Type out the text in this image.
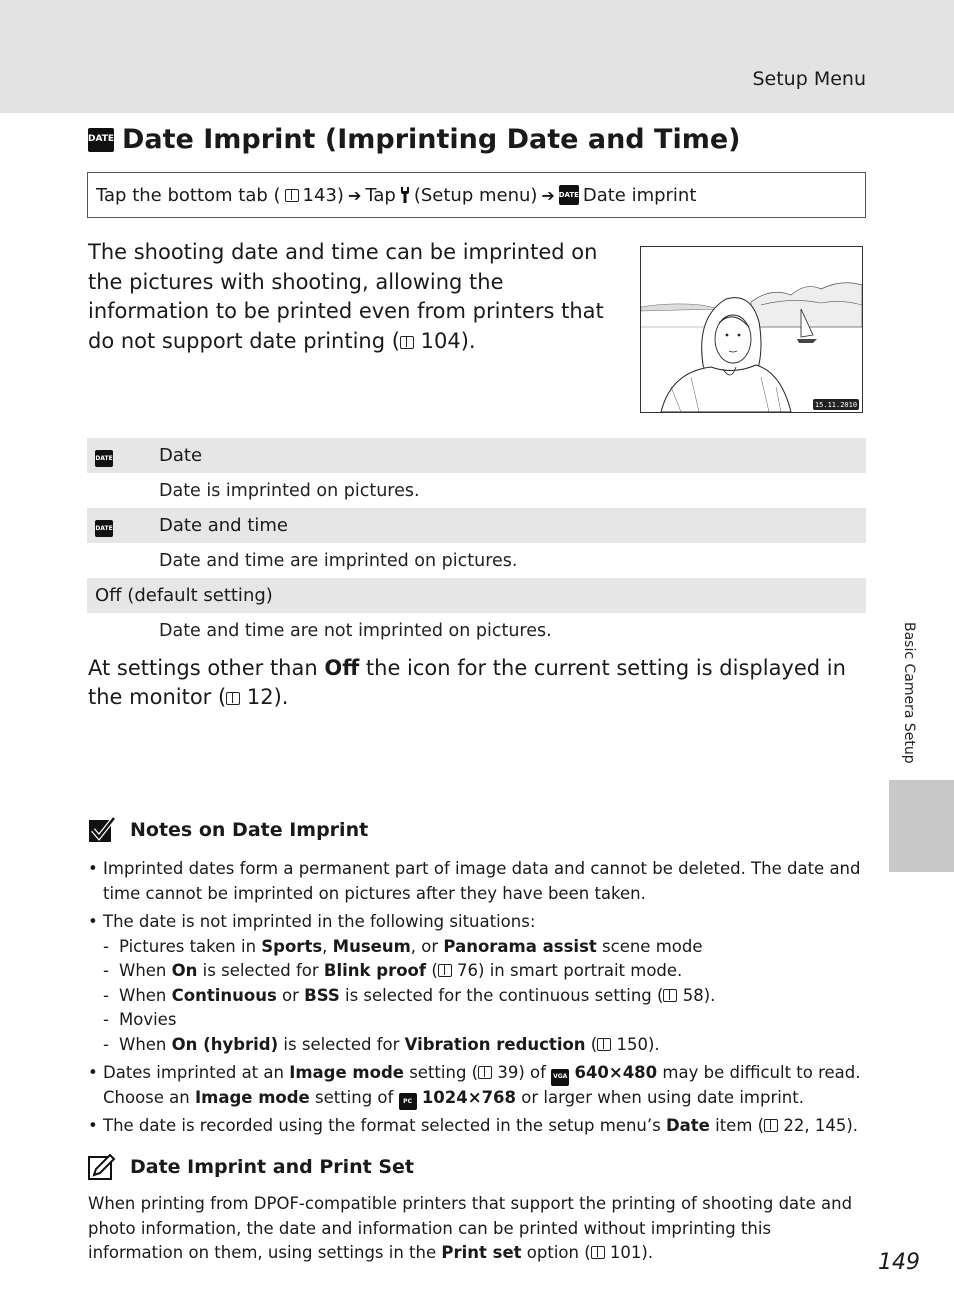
Setup Menu
DATE Date Imprint (Imprinting Date and Time)
Tap the bottom tab ( 143) ➔ Tap (Setup menu) ➔ DATE Date imprint
The shooting date and time can be imprinted on the pictures with shooting, allowing the information to be printed even from printers that do not support date printing ( 104).
15.11.2010
DATE	Date
Date is imprinted on pictures.
DATE	Date and time
Date and time are imprinted on pictures.
Off (default setting)
Date and time are not imprinted on pictures.
At settings other than Off the icon for the current setting is displayed in the monitor ( 12).
Notes on Date Imprint
• Imprinted dates form a permanent part of image data and cannot be deleted. The date and time cannot be imprinted on pictures after they have been taken.
• The date is not imprinted in the following situations:
- Pictures taken in Sports, Museum, or Panorama assist scene mode
- When On is selected for Blink proof ( 76) in smart portrait mode.
- When Continuous or BSS is selected for the continuous setting ( 58).
- Movies
- When On (hybrid) is selected for Vibration reduction ( 150).
• Dates imprinted at an Image mode setting ( 39) of VGA 640×480 may be difficult to read.
Choose an Image mode setting of PC 1024×768 or larger when using date imprint.
• The date is recorded using the format selected in the setup menu’s Date item ( 22, 145).
Date Imprint and Print Set
When printing from DPOF-compatible printers that support the printing of shooting date and photo information, the date and information can be printed without imprinting this information on them, using settings in the Print set option ( 101).
Basic Camera Setup
149
